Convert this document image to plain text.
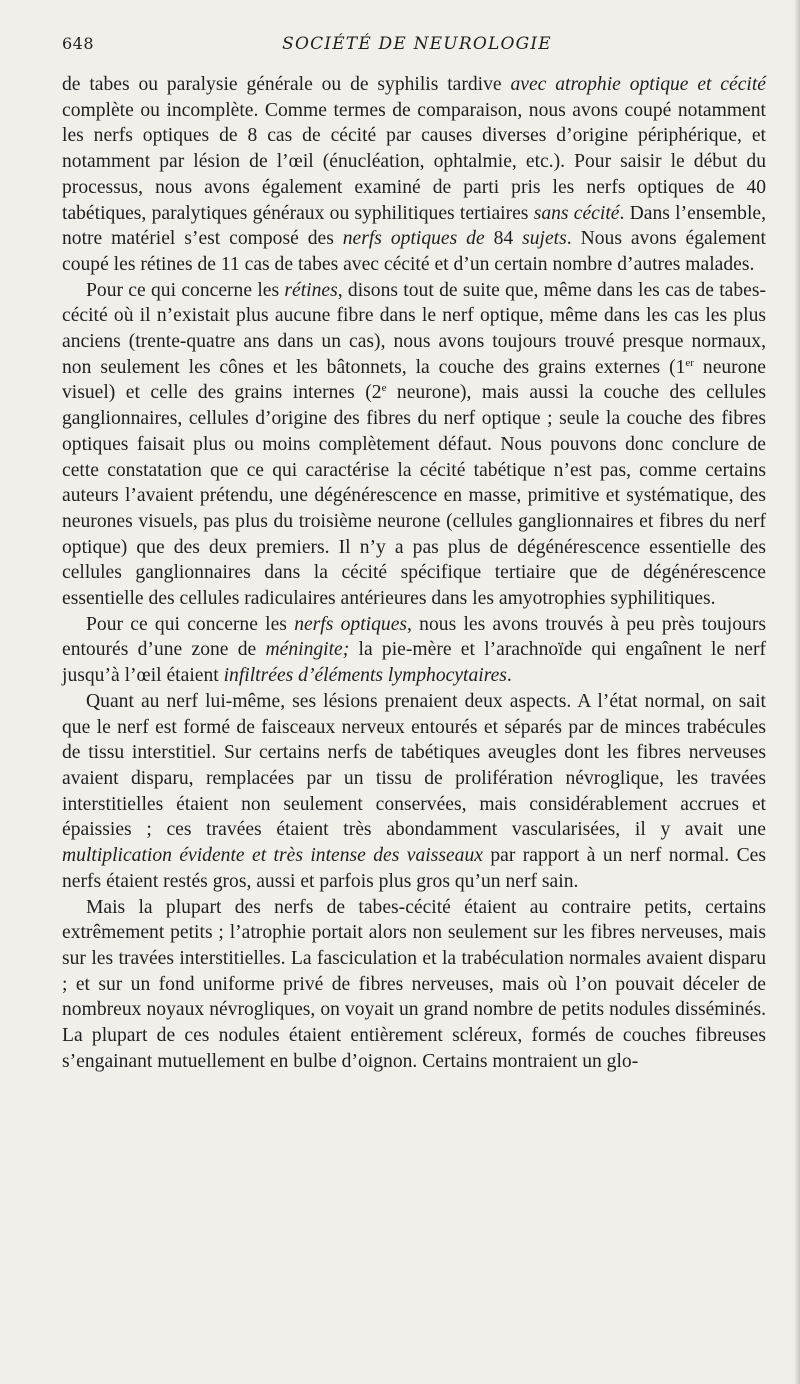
648	SOCIÉTÉ DE NEUROLOGIE

de tabes ou paralysie générale ou de syphilis tardive avec atrophie optique et cécité complète ou incomplète. Comme termes de comparaison, nous avons coupé notamment les nerfs optiques de 8 cas de cécité par causes diverses d’origine périphérique, et notamment par lésion de l’œil (énucléation, ophtalmie, etc.). Pour saisir le début du processus, nous avons également examiné de parti pris les nerfs optiques de 40 tabétiques, paralytiques généraux ou syphilitiques tertiaires sans cécité. Dans l’ensemble, notre matériel s’est composé des nerfs optiques de 84 sujets. Nous avons également coupé les rétines de 11 cas de tabes avec cécité et d’un certain nombre d’autres malades.

Pour ce qui concerne les rétines, disons tout de suite que, même dans les cas de tabes-cécité où il n’existait plus aucune fibre dans le nerf optique, même dans les cas les plus anciens (trente-quatre ans dans un cas), nous avons toujours trouvé presque normaux, non seulement les cônes et les bâtonnets, la couche des grains externes (1er neurone visuel) et celle des grains internes (2e neurone), mais aussi la couche des cellules ganglionnaires, cellules d’origine des fibres du nerf optique ; seule la couche des fibres optiques faisait plus ou moins complètement défaut. Nous pouvons donc conclure de cette constatation que ce qui caractérise la cécité tabétique n’est pas, comme certains auteurs l’avaient prétendu, une dégénérescence en masse, primitive et systématique, des neurones visuels, pas plus du troisième neurone (cellules ganglionnaires et fibres du nerf optique) que des deux premiers. Il n’y a pas plus de dégénérescence essentielle des cellules ganglionnaires dans la cécité spécifique tertiaire que de dégénérescence essentielle des cellules radiculaires antérieures dans les amyotrophies syphilitiques.

Pour ce qui concerne les nerfs optiques, nous les avons trouvés à peu près toujours entourés d’une zone de méningite; la pie-mère et l’arachnoïde qui engaînent le nerf jusqu’à l’œil étaient infiltrées d’éléments lymphocytaires.

Quant au nerf lui-même, ses lésions prenaient deux aspects. A l’état normal, on sait que le nerf est formé de faisceaux nerveux entourés et séparés par de minces trabécules de tissu interstitiel. Sur certains nerfs de tabétiques aveugles dont les fibres nerveuses avaient disparu, remplacées par un tissu de prolifération névroglique, les travées interstitielles étaient non seulement conservées, mais considérablement accrues et épaissies ; ces travées étaient très abondamment vascularisées, il y avait une multiplication évidente et très intense des vaisseaux par rapport à un nerf normal. Ces nerfs étaient restés gros, aussi et parfois plus gros qu’un nerf sain.

Mais la plupart des nerfs de tabes-cécité étaient au contraire petits, certains extrêmement petits ; l’atrophie portait alors non seulement sur les fibres nerveuses, mais sur les travées interstitielles. La fasciculation et la trabéculation normales avaient disparu ; et sur un fond uniforme privé de fibres nerveuses, mais où l’on pouvait déceler de nombreux noyaux névrogliques, on voyait un grand nombre de petits nodules disséminés. La plupart de ces nodules étaient entièrement scléreux, formés de couches fibreuses s’engainant mutuellement en bulbe d’oignon. Certains montraient un glo-
